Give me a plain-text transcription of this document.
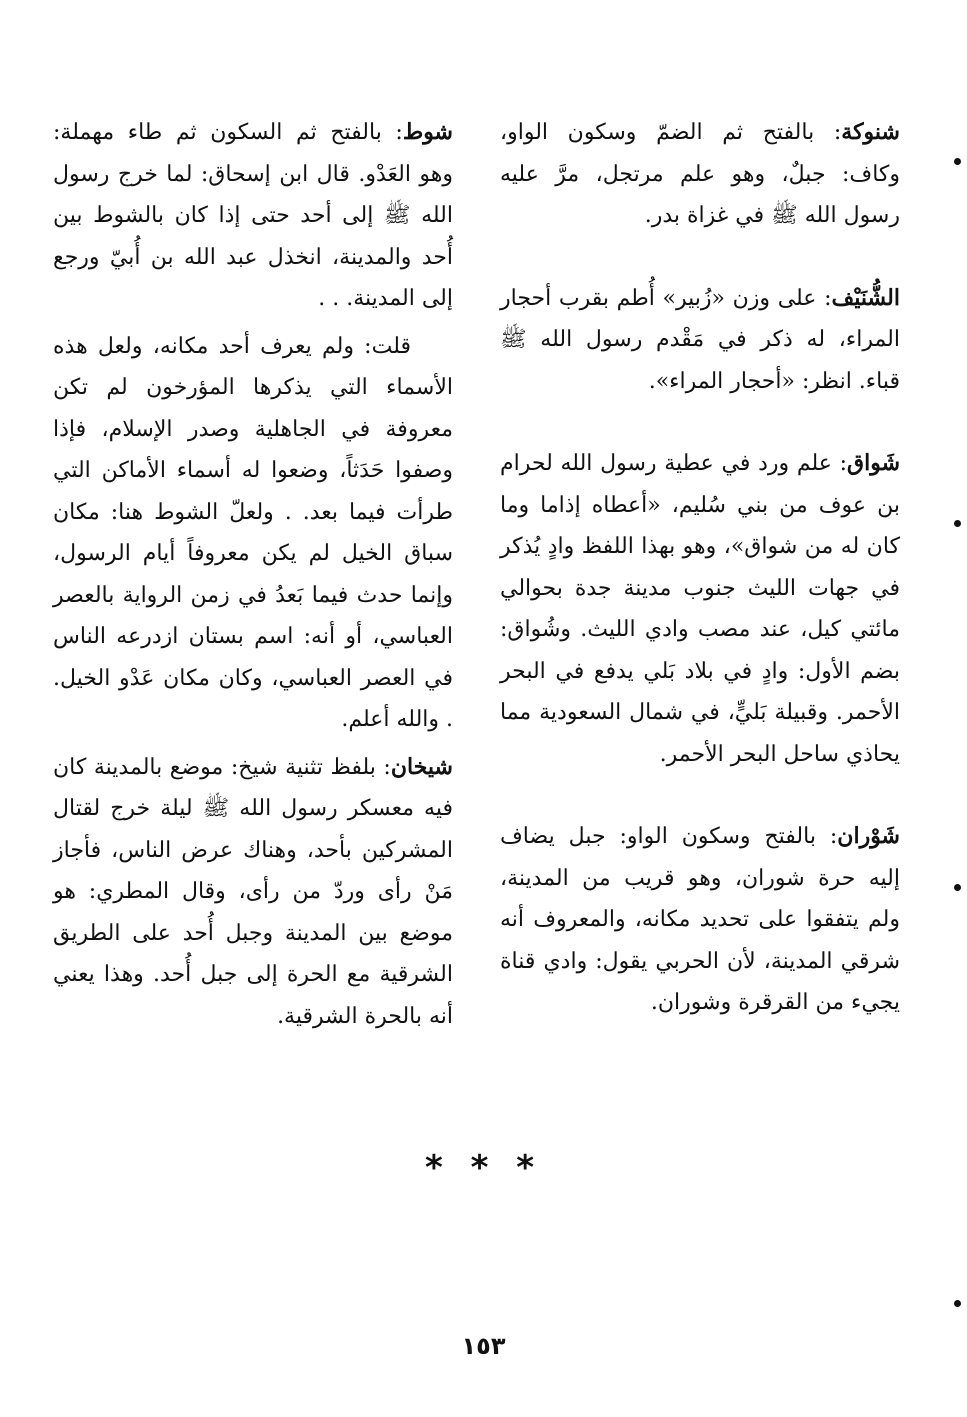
شنوكة: بالفتح ثم الضمّ وسكون الواو، وكاف: جبلٌ، وهو علم مرتجل، مرَّ عليه رسول الله ﷺ في غزاة بدر.

الشُّنَيْف: على وزن «زُبير» أُطم بقرب أحجار المراء، له ذكر في مَقْدم رسول الله ﷺ قباء. انظر: «أحجار المراء».

شَواق: علم ورد في عطية رسول الله لحرام بن عوف من بني سُليم، «أعطاه إذاما وما كان له من شواق»، وهو بهذا اللفظ وادٍ يُذكر في جهات الليث جنوب مدينة جدة بحوالي مائتي كيل، عند مصب وادي الليث. وشُواق: بضم الأول: وادٍ في بلاد بَلي يدفع في البحر الأحمر. وقبيلة بَليٍّ، في شمال السعودية مما يحاذي ساحل البحر الأحمر.

شَوْران: بالفتح وسكون الواو: جبل يضاف إليه حرة شوران، وهو قريب من المدينة، ولم يتفقوا على تحديد مكانه، والمعروف أنه شرقي المدينة، لأن الحربي يقول: وادي قناة يجيء من القرقرة وشوران.

شوط: بالفتح ثم السكون ثم طاء مهملة: وهو العَدْو. قال ابن إسحاق: لما خرج رسول الله ﷺ إلى أحد حتى إذا كان بالشوط بين أُحد والمدينة، انخذل عبد الله بن أُبيّ ورجع إلى المدينة. . .

قلت: ولم يعرف أحد مكانه، ولعل هذه الأسماء التي يذكرها المؤرخون لم تكن معروفة في الجاهلية وصدر الإسلام، فإذا وصفوا حَدَثاً، وضعوا له أسماء الأماكن التي طرأت فيما بعد. . ولعلّ الشوط هنا: مكان سباق الخيل لم يكن معروفاً أيام الرسول، وإنما حدث فيما بَعدُ في زمن الرواية بالعصر العباسي، أو أنه: اسم بستان ازدرعه الناس في العصر العباسي، وكان مكان عَدْو الخيل. . والله أعلم.

شيخان: بلفظ تثنية شيخ: موضع بالمدينة كان فيه معسكر رسول الله ﷺ ليلة خرج لقتال المشركين بأحد، وهناك عرض الناس، فأجاز مَنْ رأى وردّ من رأى، وقال المطري: هو موضع بين المدينة وجبل أُحد على الطريق الشرقية مع الحرة إلى جبل أُحد. وهذا يعني أنه بالحرة الشرقية.

* * *
١٥٣
